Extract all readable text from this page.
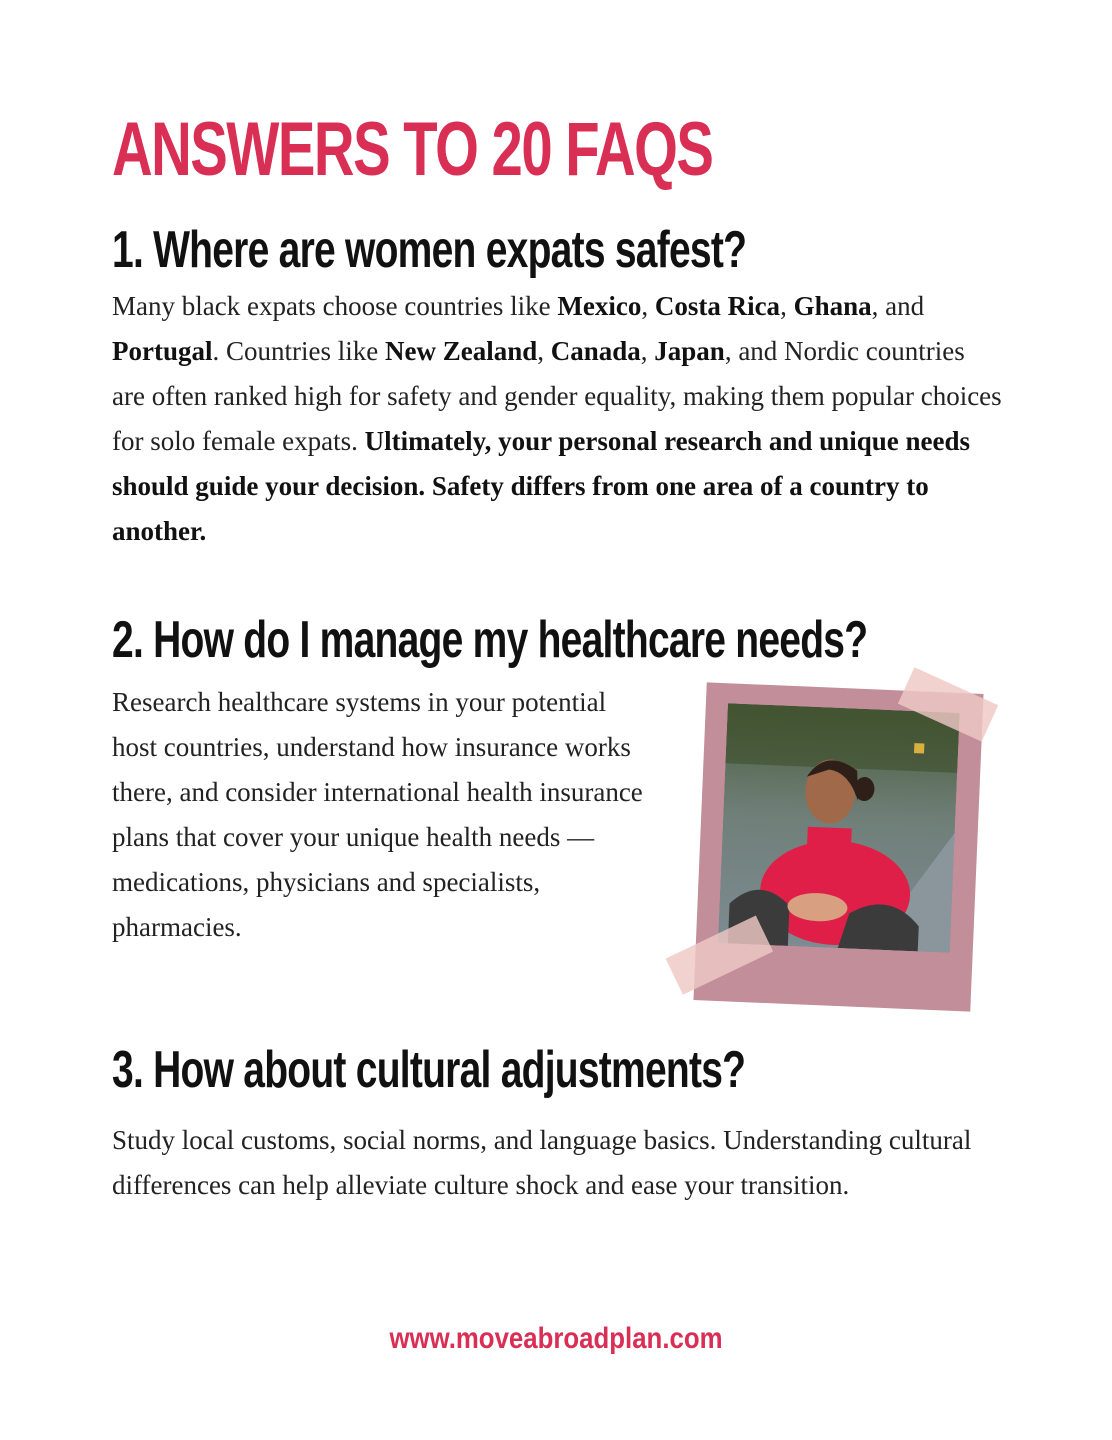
ANSWERS TO 20 FAQS
1. Where are women expats safest?

Many black expats choose countries like Mexico, Costa Rica, Ghana, and Portugal. Countries like New Zealand, Canada, Japan, and Nordic countries are often ranked high for safety and gender equality, making them popular choices for solo female expats. Ultimately, your personal research and unique needs should guide your decision. Safety differs from one area of a country to another.

2. How do I manage my healthcare needs?

Research healthcare systems in your potential host countries, understand how insurance works there, and consider international health insurance plans that cover your unique health needs — medications, physicians and specialists, pharmacies.

3. How about cultural adjustments?

Study local customs, social norms, and language basics. Understanding cultural differences can help alleviate culture shock and ease your transition.

www.moveabroadplan.com
